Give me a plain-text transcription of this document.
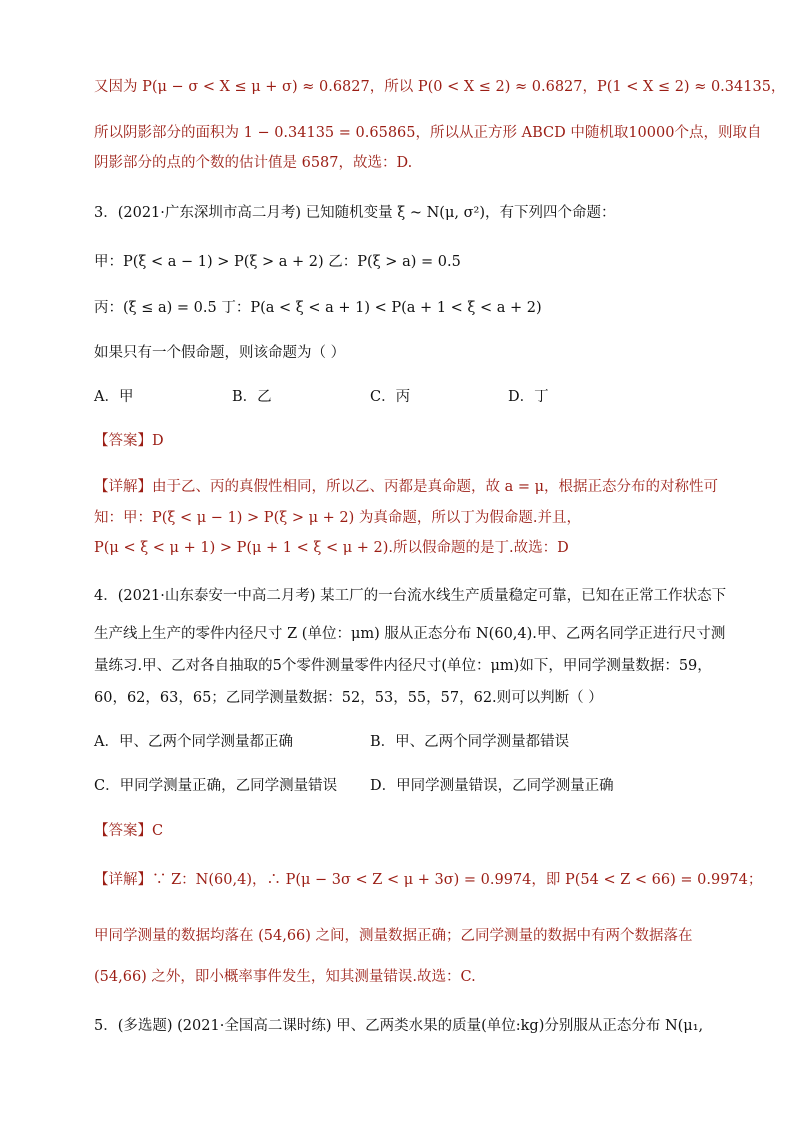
又因为 P(μ − σ < X ≤ μ + σ) ≈ 0.6827，所以 P(0 < X ≤ 2) ≈ 0.6827，P(1 < X ≤ 2) ≈ 0.34135，
所以阴影部分的面积为 1 − 0.34135 = 0.65865，所以从正方形 ABCD 中随机取10000个点，则取自
阴影部分的点的个数的估计值是 6587，故选：D.
3．(2021·广东深圳市高二月考) 已知随机变量 ξ ~ N(μ, σ²)，有下列四个命题：
甲：P(ξ < a − 1) > P(ξ > a + 2) 乙：P(ξ > a) = 0.5
丙：(ξ ≤ a) = 0.5 丁：P(a < ξ < a + 1) < P(a + 1 < ξ < a + 2)
如果只有一个假命题，则该命题为（ ）
A．甲	B．乙	C．丙	D．丁
【答案】D
【详解】由于乙、丙的真假性相同，所以乙、丙都是真命题，故 a = μ，根据正态分布的对称性可
知：甲：P(ξ < μ − 1) > P(ξ > μ + 2) 为真命题，所以丁为假命题.并且，
P(μ < ξ < μ + 1) > P(μ + 1 < ξ < μ + 2).所以假命题的是丁.故选：D
4．(2021·山东泰安一中高二月考) 某工厂的一台流水线生产质量稳定可靠，已知在正常工作状态下
生产线上生产的零件内径尺寸 Z (单位：μm) 服从正态分布 N(60,4).甲、乙两名同学正进行尺寸测
量练习.甲、乙对各自抽取的5个零件测量零件内径尺寸(单位：μm)如下，甲同学测量数据：59，
60，62，63，65；乙同学测量数据：52，53，55，57，62.则可以判断（ ）
A．甲、乙两个同学测量都正确	B．甲、乙两个同学测量都错误
C．甲同学测量正确，乙同学测量错误 D．甲同学测量错误，乙同学测量正确
【答案】C
【详解】∵ Z：N(60,4)，∴ P(μ − 3σ < Z < μ + 3σ) = 0.9974，即 P(54 < Z < 66) = 0.9974；
甲同学测量的数据均落在 (54,66) 之间，测量数据正确；乙同学测量的数据中有两个数据落在
(54,66) 之外，即小概率事件发生，知其测量错误.故选：C.
5．(多选题) (2021·全国高二课时练) 甲、乙两类水果的质量(单位:kg)分别服从正态分布 N(μ₁,
